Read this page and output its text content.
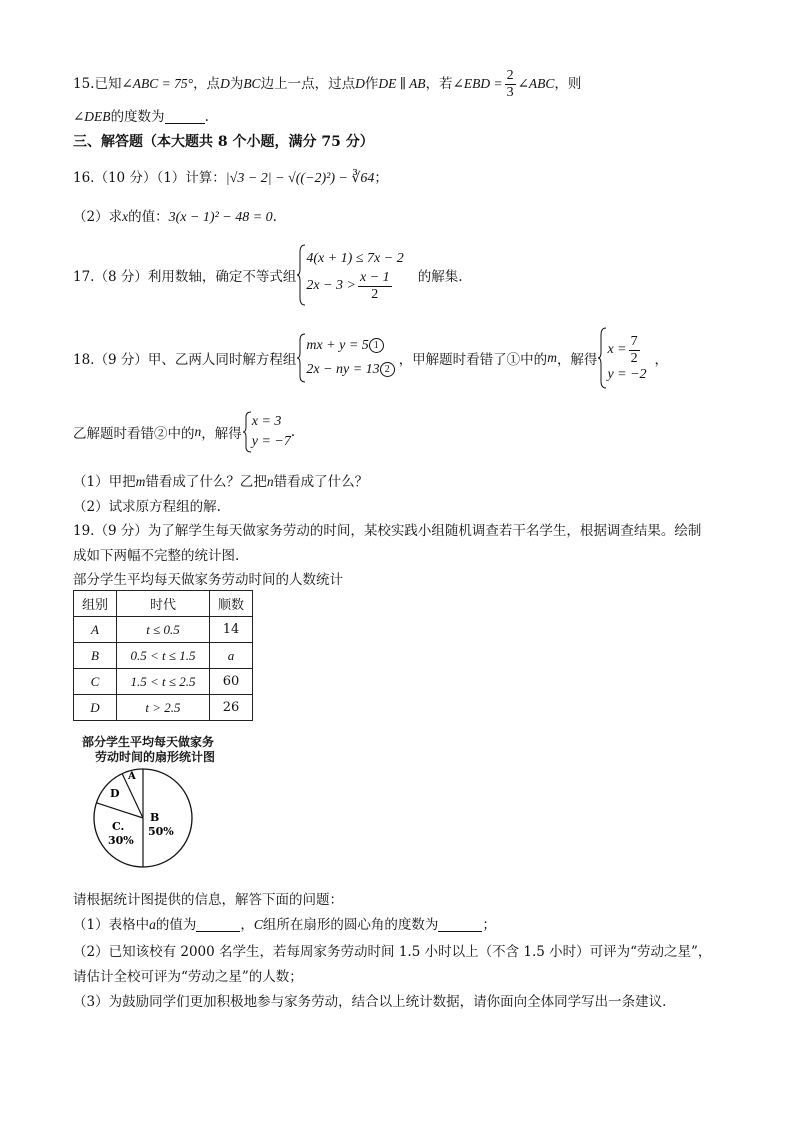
15.已知∠ABC = 75°，点D为BC边上一点，过点D作DE ∥ AB，若∠EBD = $\frac{2}{3}$ ∠ABC，则
∠DEB的度数为	.
三、解答题（本大题共 8 个小题，满分 75 分）
16.（10 分）（1）计算：|√3 − 2| − √((−2)²) − ∛64；
（2）求x的值：3(x − 1)² − 48 = 0.
17.（8 分）利用数轴，确定不等式组
4(x + 1) ≤ 7x − 2
$2x - 3 > \frac{x - 1}{2}$ 的解集.
18.（9 分）甲、乙两人同时解方程组
mx + y = 5 1
2x − ny = 13 2
，甲解题时看错了①中的 m ，解得
$x = \frac{7}{2}$
y = −2
，
乙解题时看错②中的 n ，解得
x = 3
y = −7
.
（1）甲把m错看成了什么？乙把n错看成了什么？
（2）试求原方程组的解.
19.（9 分）为了解学生每天做家务劳动的时间，某校实践小组随机调查若干名学生，根据调查结果。绘制
成如下两幅不完整的统计图.
部分学生平均每天做家务劳动时间的人数统计
组别	时代	顺数
A	t ≤ 0.5	14
B	0.5 < t ≤ 1.5	a
C	1.5 < t ≤ 2.5	60
D	t > 2.5	26
部分学生平均每天做家务
劳动时间的扇形统计图
B
50%
C.
30%
D
A
请根据统计图提供的信息，解答下面的问题：
（1）表格中a的值为	，C组所在扇形的圆心角的度数为	；
（2）已知该校有 2000 名学生，若每周家务劳动时间 1.5 小时以上（不含 1.5 小时）可评为“劳动之星”，
请估计全校可评为“劳动之星”的人数；
（3）为鼓励同学们更加积极地参与家务劳动，结合以上统计数据，请你面向全体同学写出一条建议.
